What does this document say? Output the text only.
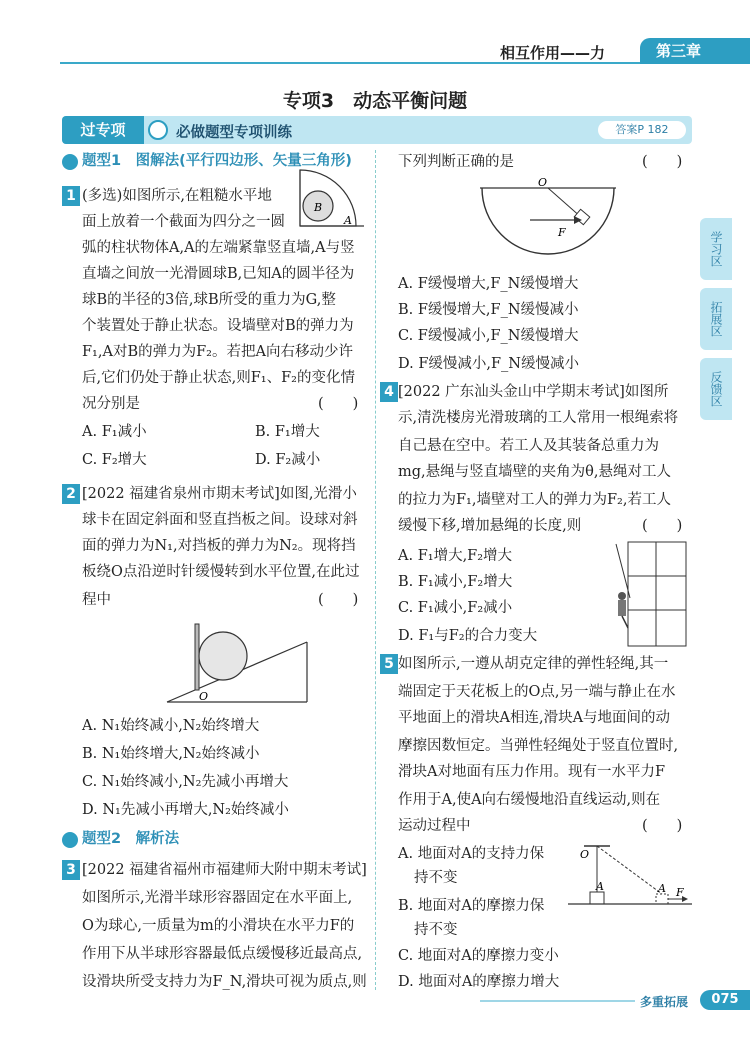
相互作用——力	第三章
专项3　动态平衡问题
过专项	必做题型专项训练	答案P 182
学习区
拓展区
反馈区
题型1　图解法(平行四边形、矢量三角形)
1 (多选)如图所示,在粗糙水平地
面上放着一个截面为四分之一圆
弧的柱状物体A,A的左端紧靠竖直墙,A与竖
直墙之间放一光滑圆球B,已知A的圆半径为
球B的半径的3倍,球B所受的重力为G,整
个装置处于静止状态。设墙壁对B的弹力为
F₁,A对B的弹力为F₂。若把A向右移动少许
后,它们仍处于静止状态,则F₁、F₂的变化情
况分别是	(　　)
A. F₁减小	B. F₁增大
C. F₂增大	D. F₂减小
B
A
2 [2022 福建省泉州市期末考试]如图,光滑小
球卡在固定斜面和竖直挡板之间。设球对斜
面的弹力为N₁,对挡板的弹力为N₂。现将挡
板绕O点沿逆时针缓慢转到水平位置,在此过
程中	(　　)
O
A. N₁始终减小,N₂始终增大
B. N₁始终增大,N₂始终减小
C. N₁始终减小,N₂先减小再增大
D. N₁先减小再增大,N₂始终减小
题型2　解析法
3 [2022 福建省福州市福建师大附中期末考试]
如图所示,光滑半球形容器固定在水平面上,
O为球心,一质量为m的小滑块在水平力F的
作用下从半球形容器最低点缓慢移近最高点,
设滑块所受支持力为F_N,滑块可视为质点,则
下列判断正确的是	(　　)
O
F
A. F缓慢增大,F_N缓慢增大
B. F缓慢增大,F_N缓慢减小
C. F缓慢减小,F_N缓慢增大
D. F缓慢减小,F_N缓慢减小
4 [2022 广东汕头金山中学期末考试]如图所
示,清洗楼房光滑玻璃的工人常用一根绳索将
自己悬在空中。若工人及其装备总重力为
mg,悬绳与竖直墙壁的夹角为θ,悬绳对工人
的拉力为F₁,墙壁对工人的弹力为F₂,若工人
缓慢下移,增加悬绳的长度,则	(　　)
A. F₁增大,F₂增大
B. F₁减小,F₂增大
C. F₁减小,F₂减小
D. F₁与F₂的合力变大
5 如图所示,一遵从胡克定律的弹性轻绳,其一
端固定于天花板上的O点,另一端与静止在水
平地面上的滑块A相连,滑块A与地面间的动
摩擦因数恒定。当弹性轻绳处于竖直位置时,
滑块A对地面有压力作用。现有一水平力F
作用于A,使A向右缓慢地沿直线运动,则在
运动过程中	(　　)
A. 地面对A的支持力保
持不变
B. 地面对A的摩擦力保
持不变
C. 地面对A的摩擦力变小
D. 地面对A的摩擦力增大
O
A	A F
多重拓展	075
